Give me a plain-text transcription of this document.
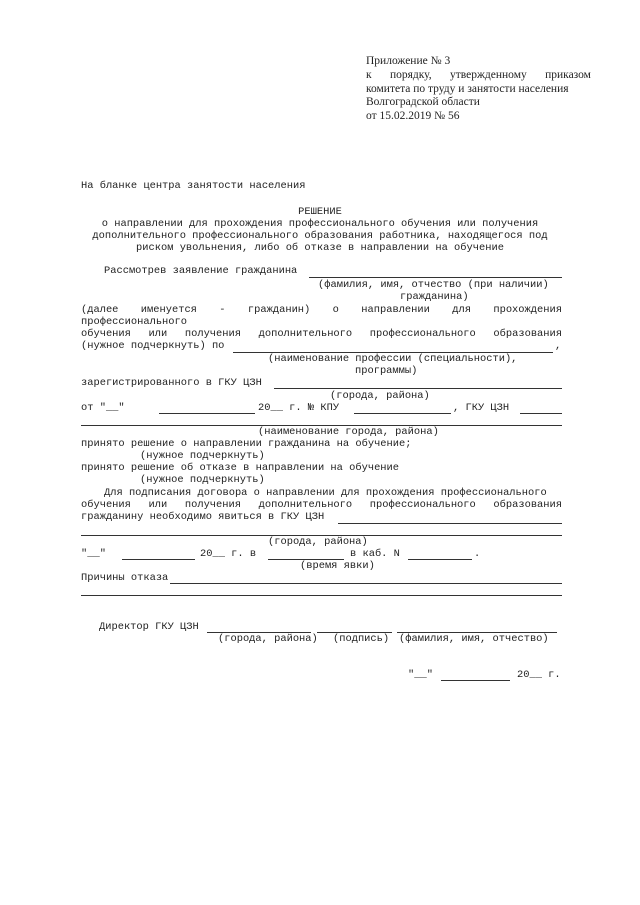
Приложение № 3
к порядку, утвержденному приказом
комитета по труду и занятости населения
Волгоградской области
от 15.02.2019 № 56
На бланке центра занятости населения
РЕШЕНИЕ
о направлении для прохождения профессионального обучения или получения
дополнительного профессионального образования работника, находящегося под
риском увольнения, либо об отказе в направлении на обучение
Рассмотрев заявление гражданина
(фамилия, имя, отчество (при наличии)
гражданина)
(далее именуется - гражданин) о направлении для прохождения
профессионального
обучения или получения дополнительного профессионального образования
(нужное подчеркнуть) по	,
(наименование профессии (специальности),
программы)
зарегистрированного в ГКУ ЦЗН
(города, района)
от "__"	20__ г. № КПУ	, ГКУ ЦЗН
(наименование города, района)
принято решение о направлении гражданина на обучение;
(нужное подчеркнуть)
принято решение об отказе в направлении на обучение
(нужное подчеркнуть)
Для подписания договора о направлении для прохождения профессионального
обучения или получения дополнительного профессионального образования
гражданину необходимо явиться в ГКУ ЦЗН
(города, района)
"__"	20__ г. в	в каб. N	.
(время явки)
Причины отказа
Директор ГКУ ЦЗН
(города, района) (подпись) (фамилия, имя, отчество)
"__"	20__ г.
